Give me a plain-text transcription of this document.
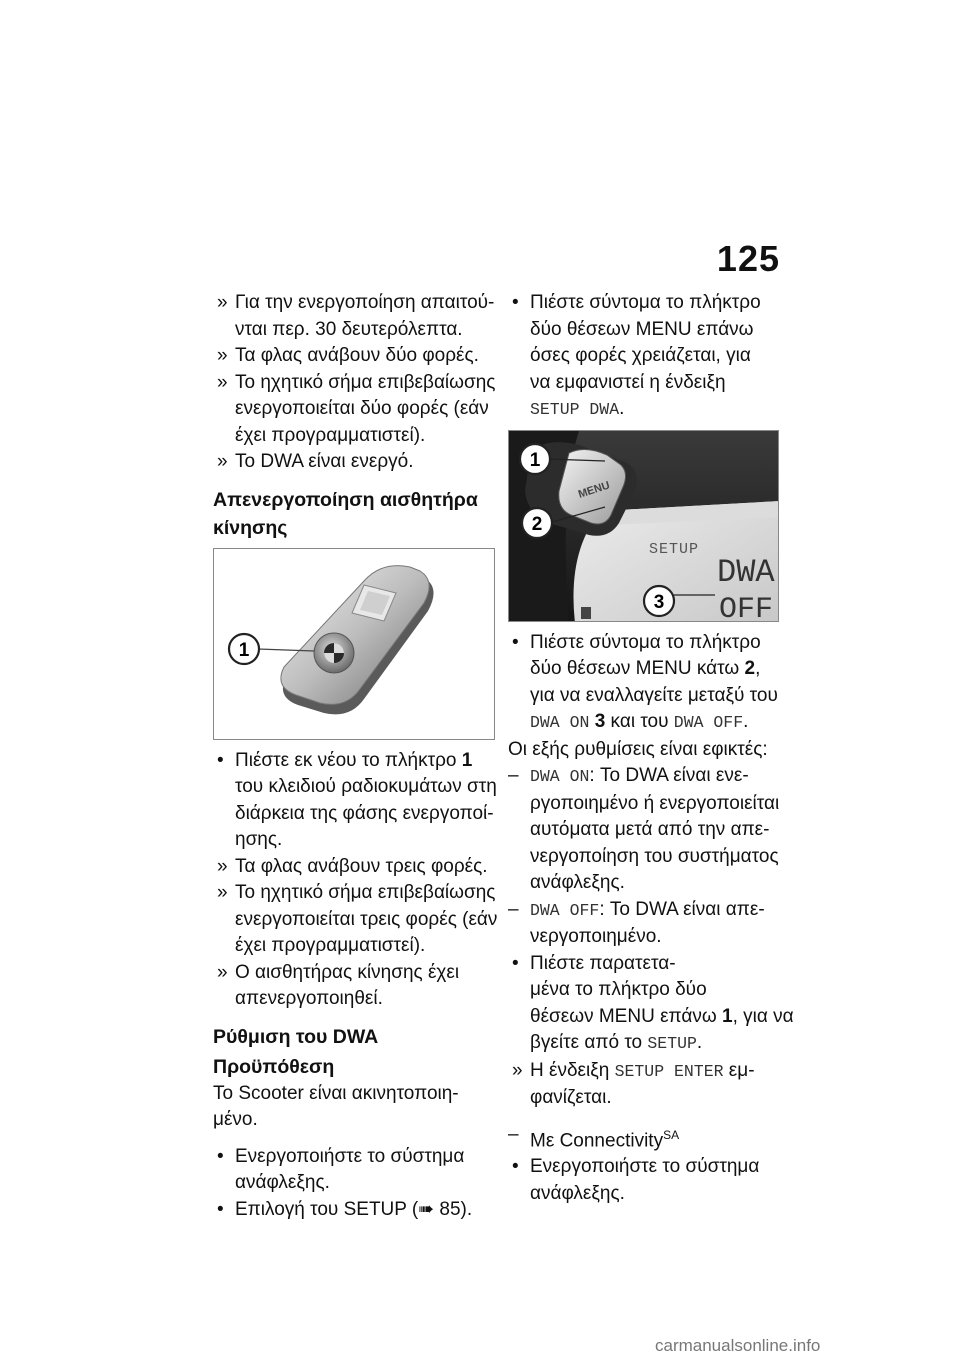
125
» Για την ενεργοποίηση απαιτού-
νται περ. 30 δευτερόλεπτα.
» Τα φλας ανάβουν δύο φορές.
» Το ηχητικό σήμα επιβεβαίωσης
ενεργοποιείται δύο φορές (εάν
έχει προγραμματιστεί).
» Το DWA είναι ενεργό.
Απενεργοποίηση αισθητήρα
κίνησης
1
• Πιέστε εκ νέου το πλήκτρο 1
του κλειδιού ραδιοκυμάτων στη
διάρκεια της φάσης ενεργοποί-
ησης.
» Τα φλας ανάβουν τρεις φορές.
» Το ηχητικό σήμα επιβεβαίωσης
ενεργοποιείται τρεις φορές (εάν
έχει προγραμματιστεί).
» Ο αισθητήρας κίνησης έχει
απενεργοποιηθεί.
Ρύθμιση του DWA
Προϋπόθεση
Το Scooter είναι ακινητοποιη-
μένο.
• Ενεργοποιήστε το σύστημα
ανάφλεξης.
• Επιλογή του SETUP (➠ 85).
• Πιέστε σύντομα το πλήκτρο
δύο θέσεων MENU επάνω
όσες φορές χρειάζεται, για
να εμφανιστεί η ένδειξη
SETUP DWA.
MENU
1
2
SETUP
DWA
OFF
3
• Πιέστε σύντομα το πλήκτρο
δύο θέσεων MENU κάτω 2,
για να εναλλαγείτε μεταξύ του
DWA ON 3 και του DWA OFF.
Οι εξής ρυθμίσεις είναι εφικτές:
– DWA ON: Το DWA είναι ενε-
ργοποιημένο ή ενεργοποιείται
αυτόματα μετά από την απε-
νεργοποίηση του συστήματος
ανάφλεξης.
– DWA OFF: Το DWA είναι απε-
νεργοποιημένο.
• Πιέστε παρατετα-
μένα το πλήκτρο δύο
θέσεων MENU επάνω 1, για να
βγείτε από το SETUP.
» Η ένδειξη SETUP ENTER εμ-
φανίζεται.
– Με Connectivity$^{SA}$
• Ενεργοποιήστε το σύστημα
ανάφλεξης.
carmanualsonline.info
